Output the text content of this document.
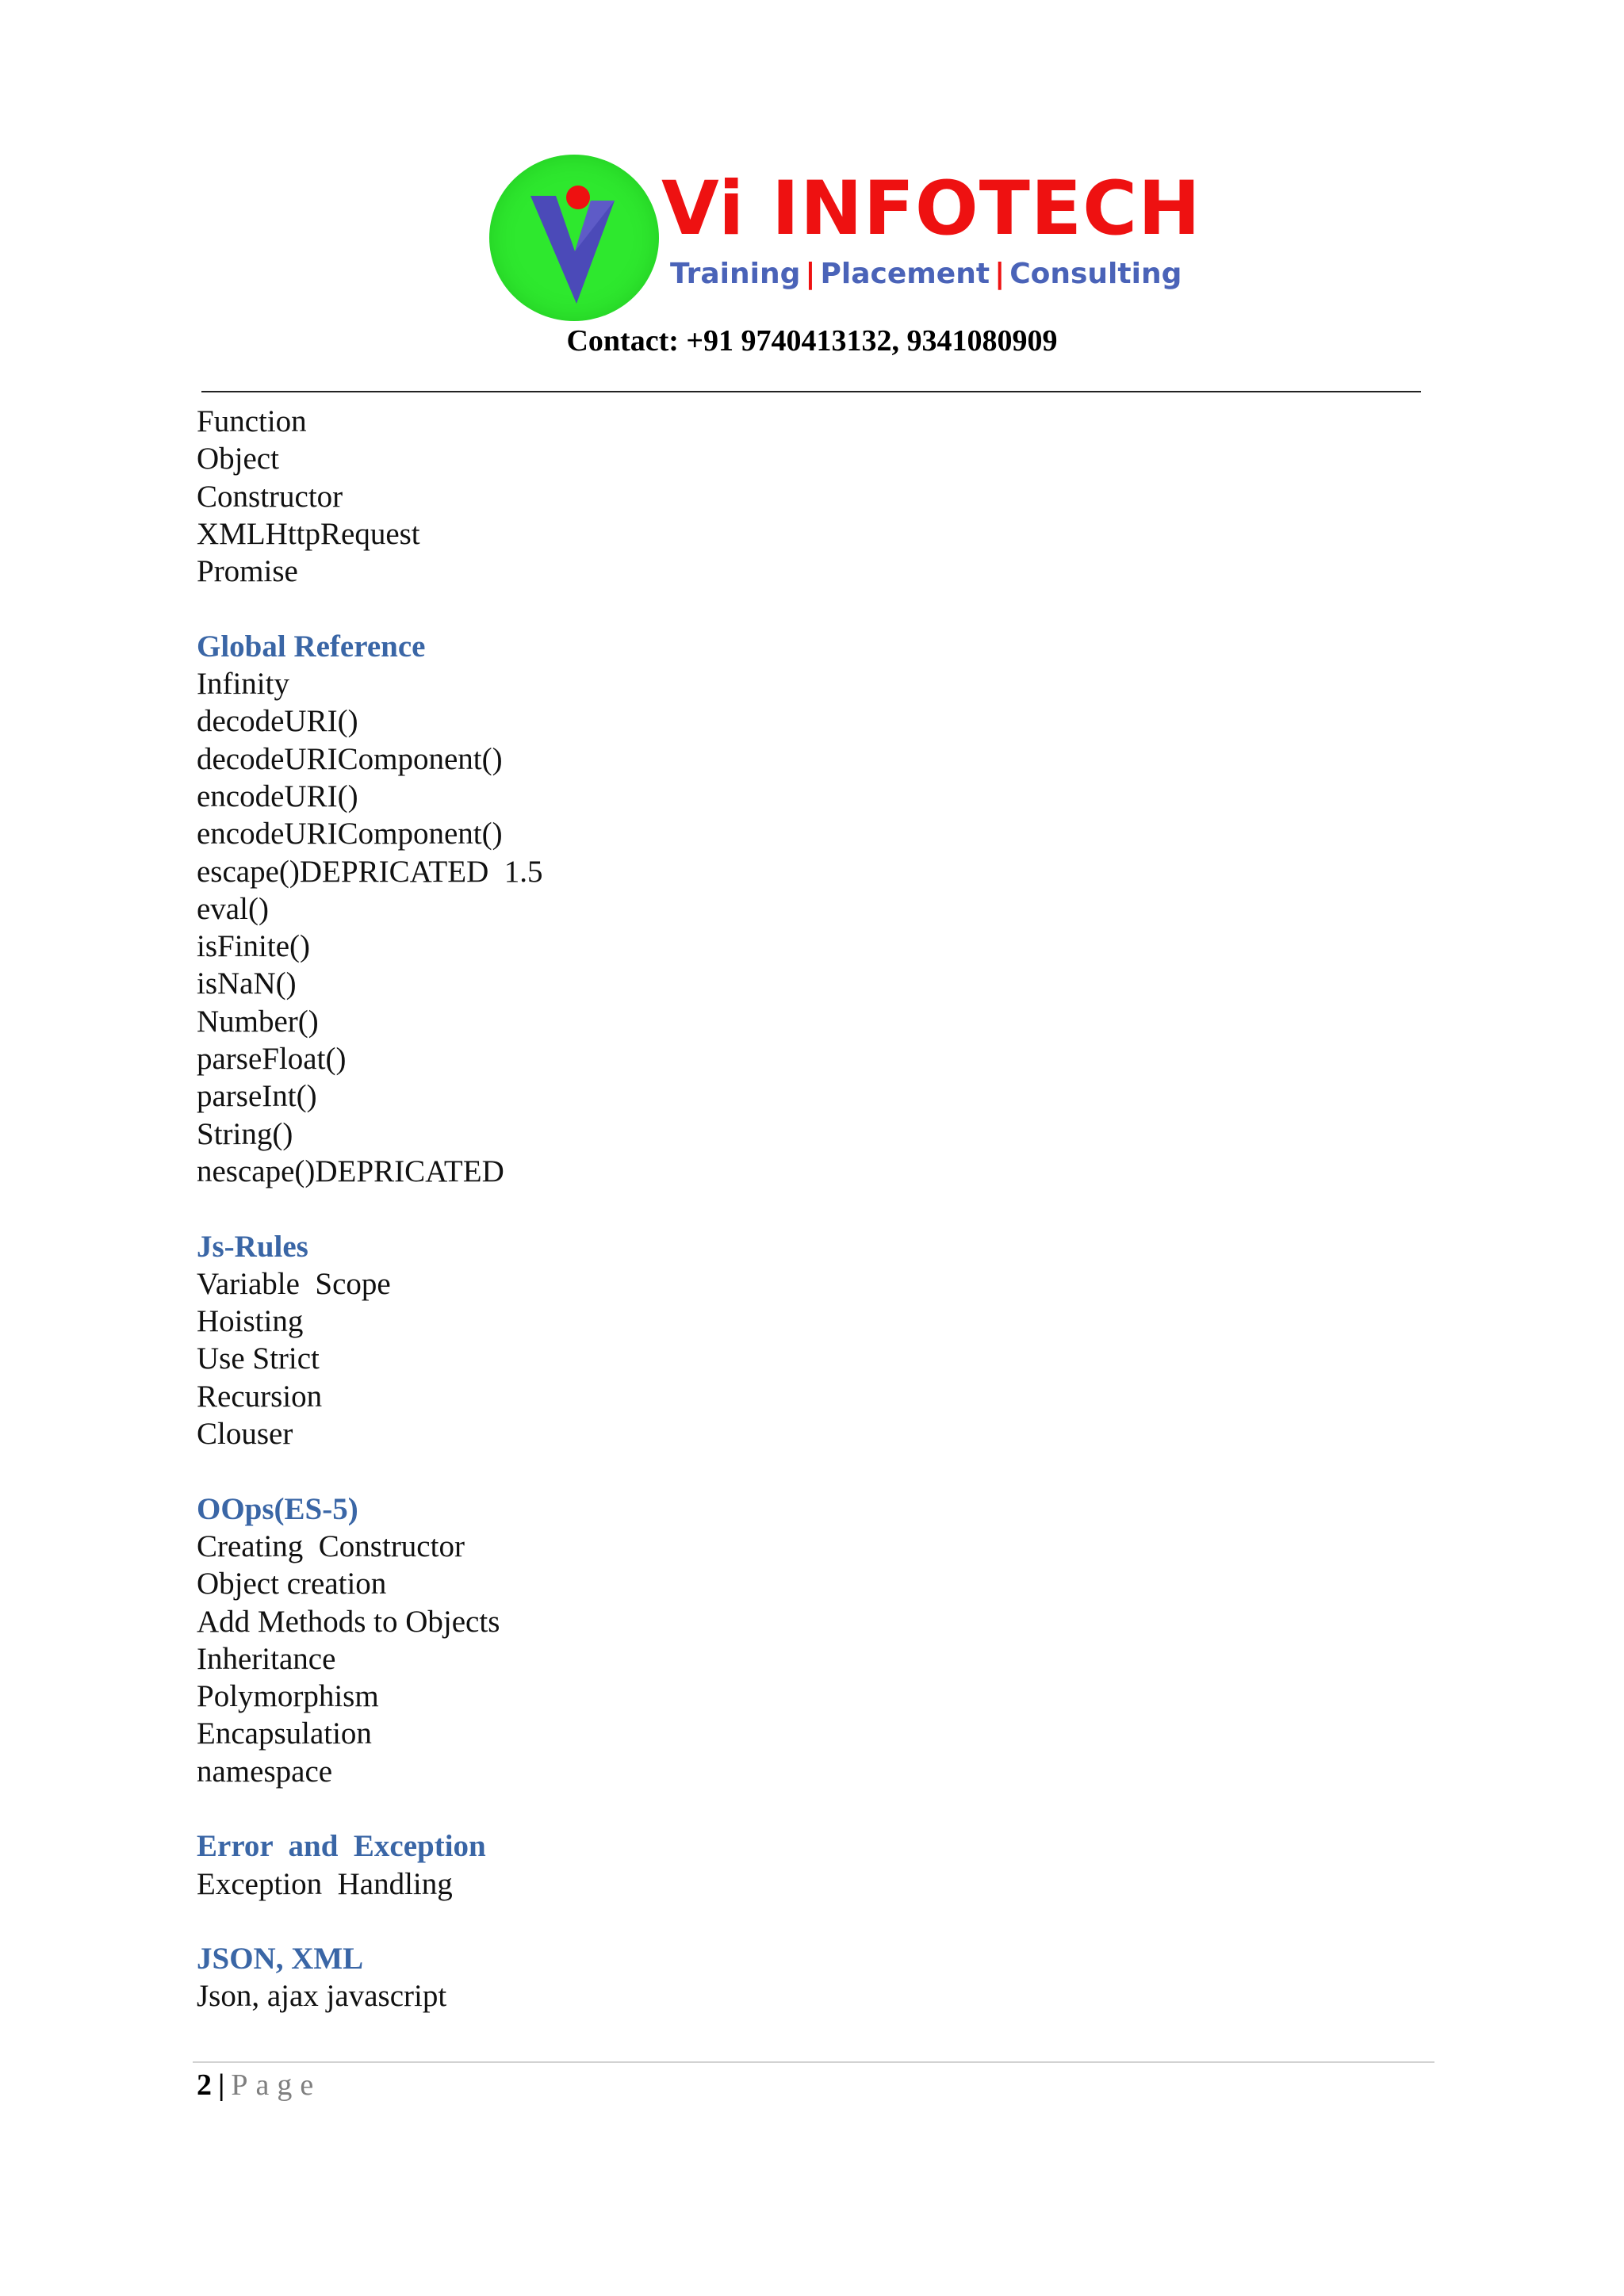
Vi INFOTECH
Training | Placement | Consulting
Contact: +91 9740413132, 9341080909
Function
Object
Constructor
XMLHttpRequest
Promise
Global Reference
Infinity
decodeURI()
decodeURIComponent()
encodeURI()
encodeURIComponent()
escape()DEPRICATED  1.5
eval()
isFinite()
isNaN()
Number()
parseFloat()
parseInt()
String()
nescape()DEPRICATED
Js-Rules
Variable  Scope
Hoisting
Use Strict
Recursion
Clouser
OOps(ES-5)
Creating  Constructor
Object creation
Add Methods to Objects
Inheritance
Polymorphism
Encapsulation
namespace
Error  and  Exception
Exception  Handling
JSON, XML
Json, ajax javascript
2 | Page
